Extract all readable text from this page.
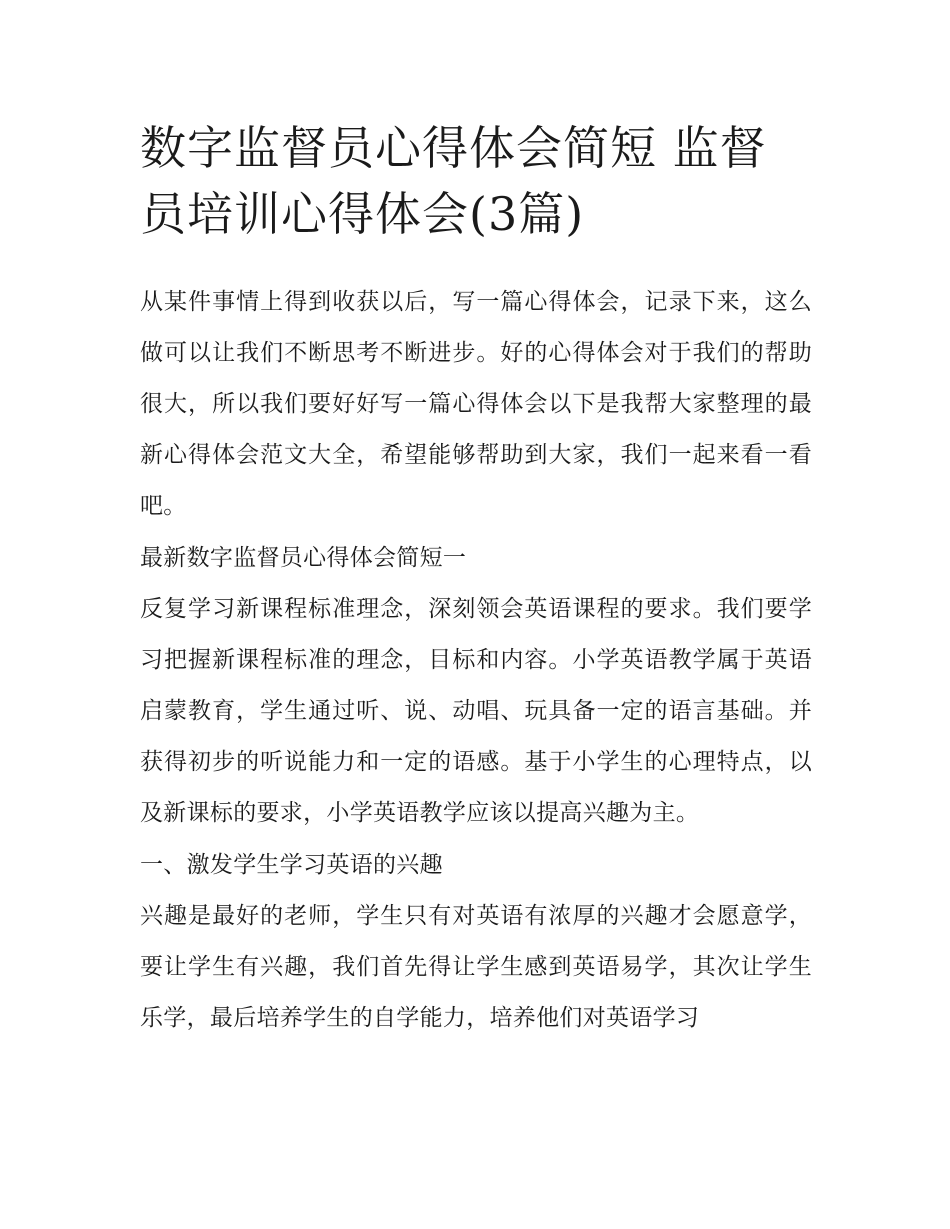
数字监督员心得体会简短 监督员培训心得体会(3篇)

从某件事情上得到收获以后，写一篇心得体会，记录下来，这么做可以让我们不断思考不断进步。好的心得体会对于我们的帮助很大，所以我们要好好写一篇心得体会以下是我帮大家整理的最新心得体会范文大全，希望能够帮助到大家，我们一起来看一看吧。

最新数字监督员心得体会简短一

反复学习新课程标准理念，深刻领会英语课程的要求。我们要学习把握新课程标准的理念，目标和内容。小学英语教学属于英语启蒙教育，学生通过听、说、动唱、玩具备一定的语言基础。并获得初步的听说能力和一定的语感。基于小学生的心理特点，以及新课标的要求，小学英语教学应该以提高兴趣为主。

一、激发学生学习英语的兴趣

兴趣是最好的老师，学生只有对英语有浓厚的兴趣才会愿意学，要让学生有兴趣，我们首先得让学生感到英语易学，其次让学生乐学，最后培养学生的自学能力，培养他们对英语学习
